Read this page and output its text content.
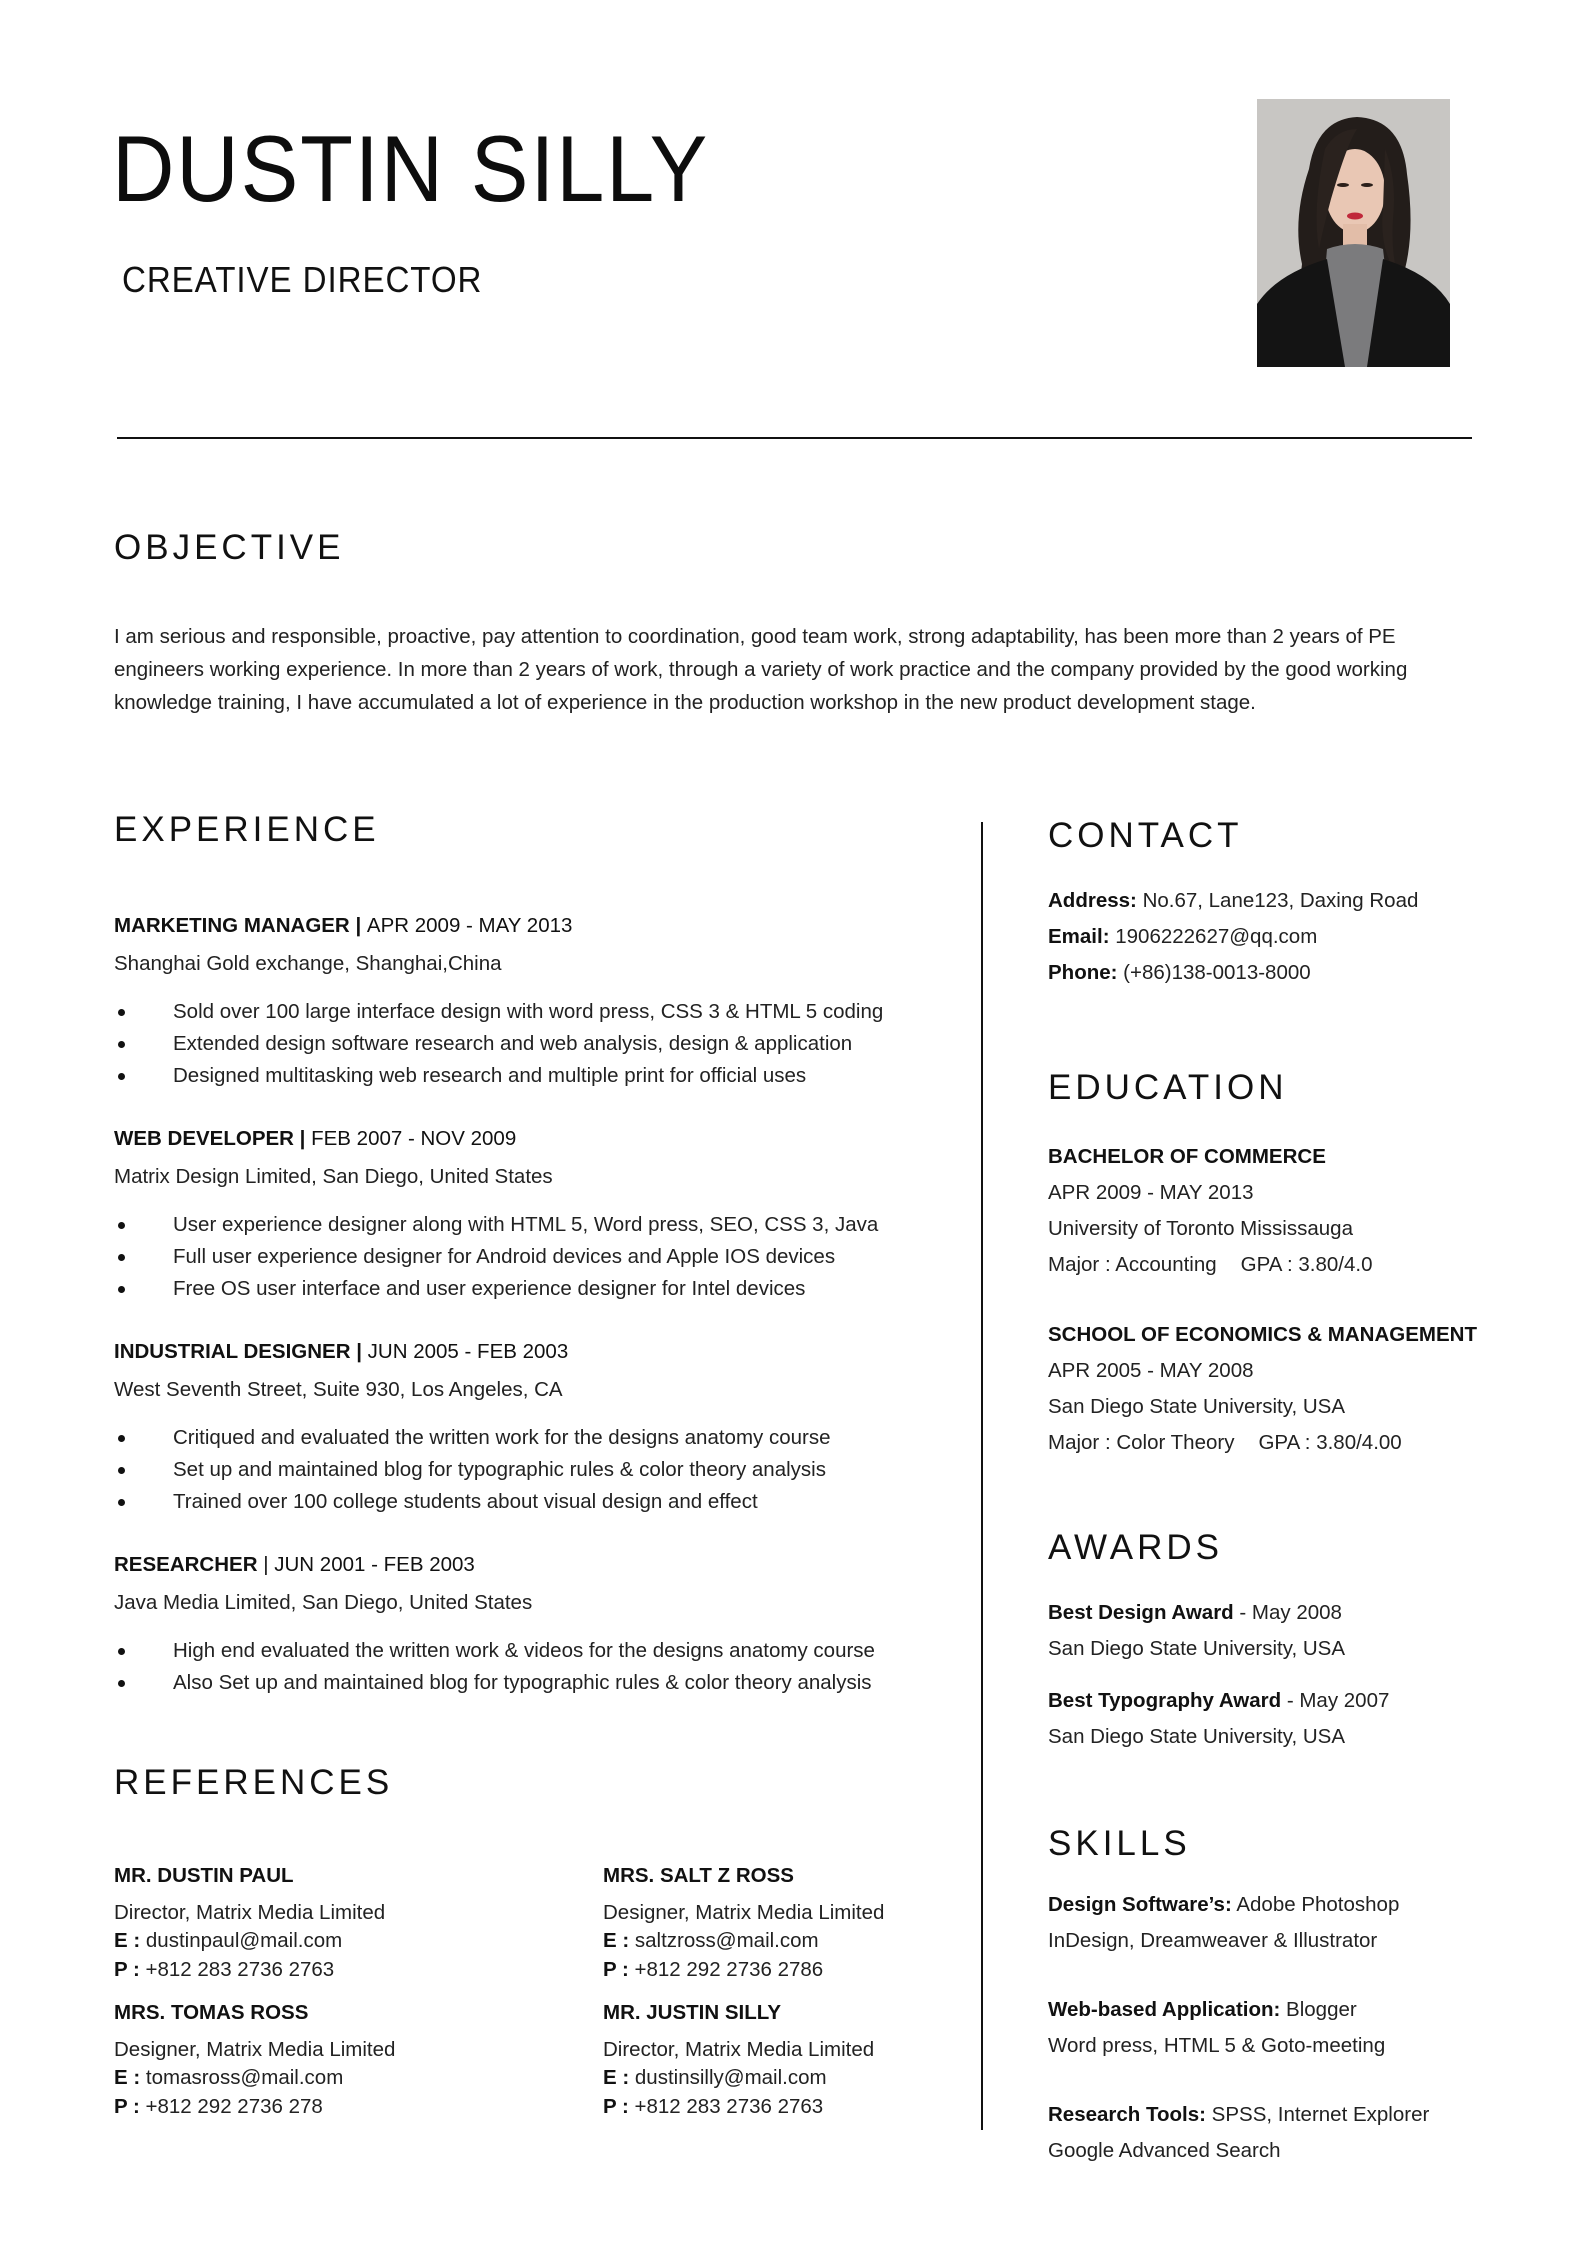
DUSTIN SILLY
CREATIVE DIRECTOR
OBJECTIVE
I am serious and responsible, proactive, pay attention to coordination, good team work, strong adaptability, has been more than 2 years of PE engineers working experience. In more than 2 years of work, through a variety of work practice and the company provided by the good working knowledge training, I have accumulated a lot of experience in the production workshop in the new product development stage.
EXPERIENCE
MARKETING MANAGER | APR 2009 - MAY 2013
Shanghai Gold exchange, Shanghai,China
Sold over 100 large interface design with word press, CSS 3 & HTML 5 coding
Extended design software research and web analysis, design & application
Designed multitasking web research and multiple print for official uses
WEB DEVELOPER | FEB 2007 - NOV 2009
Matrix Design Limited, San Diego, United States
User experience designer along with HTML 5, Word press, SEO, CSS 3, Java
Full user experience designer for Android devices and Apple IOS devices
Free OS user interface and user experience designer for Intel devices
INDUSTRIAL DESIGNER | JUN 2005 - FEB 2003
West Seventh Street, Suite 930, Los Angeles, CA
Critiqued and evaluated the written work for the designs anatomy course
Set up and maintained blog for typographic rules & color theory analysis
Trained over 100 college students about visual design and effect
RESEARCHER | JUN 2001 - FEB 2003
Java Media Limited, San Diego, United States
High end evaluated the written work & videos for the designs anatomy course
Also Set up and maintained blog for typographic rules & color theory analysis
REFERENCES
MR. DUSTIN PAUL
Director, Matrix Media Limited
E : dustinpaul@mail.com
P : +812 283 2736 2763
MRS. SALT Z ROSS
Designer, Matrix Media Limited
E : saltzross@mail.com
P : +812 292 2736 2786
MRS. TOMAS ROSS
Designer, Matrix Media Limited
E : tomasross@mail.com
P : +812 292 2736 278
MR. JUSTIN SILLY
Director, Matrix Media Limited
E : dustinsilly@mail.com
P : +812 283 2736 2763
CONTACT
Address: No.67, Lane123, Daxing Road
Email: 1906222627@qq.com
Phone: (+86)138-0013-8000
EDUCATION
BACHELOR OF COMMERCE
APR 2009 - MAY 2013
University of Toronto Mississauga
Major : Accounting GPA : 3.80/4.0
SCHOOL OF ECONOMICS & MANAGEMENT
APR 2005 - MAY 2008
San Diego State University, USA
Major : Color Theory GPA : 3.80/4.00
AWARDS
Best Design Award - May 2008
San Diego State University, USA
Best Typography Award - May 2007
San Diego State University, USA
SKILLS
Design Software’s: Adobe Photoshop
InDesign, Dreamweaver & Illustrator
Web-based Application: Blogger
Word press, HTML 5 & Goto-meeting
Research Tools: SPSS, Internet Explorer
Google Advanced Search
